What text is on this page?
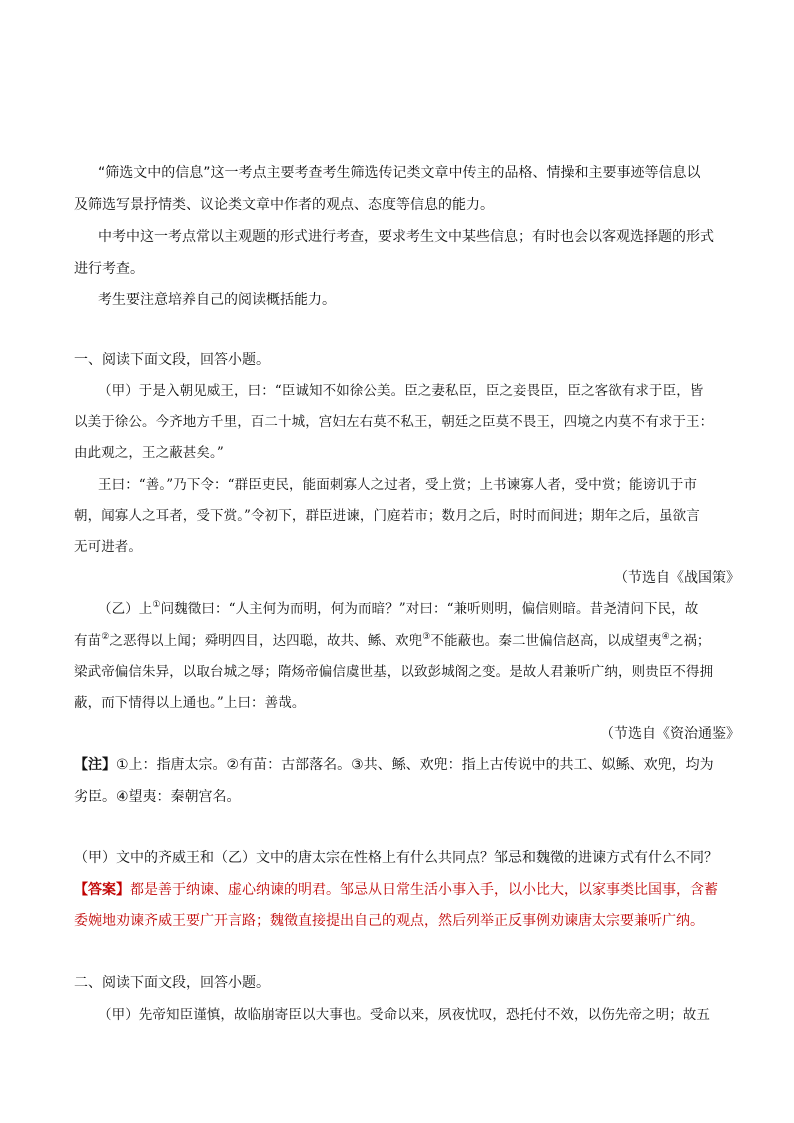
“筛选文中的信息”这一考点主要考查考生筛选传记类文章中传主的品格、情操和主要事迹等信息以
及筛选写景抒情类、议论类文章中作者的观点、态度等信息的能力。
中考中这一考点常以主观题的形式进行考查，要求考生文中某些信息；有时也会以客观选择题的形式
进行考查。
考生要注意培养自己的阅读概括能力。
一、阅读下面文段，回答小题。
（甲）于是入朝见威王，曰：“臣诚知不如徐公美。臣之妻私臣，臣之妾畏臣，臣之客欲有求于臣，皆
以美于徐公。今齐地方千里，百二十城，宫妇左右莫不私王，朝廷之臣莫不畏王，四境之内莫不有求于王：
由此观之，王之蔽甚矣。”
王曰：“善。”乃下令：“群臣吏民，能面刺寡人之过者，受上赏；上书谏寡人者，受中赏；能谤讥于市
朝，闻寡人之耳者，受下赏。”令初下，群臣进谏，门庭若市；数月之后，时时而间进；期年之后，虽欲言
无可进者。
（节选自《战国策》
（乙）上①问魏徵曰：“人主何为而明，何为而暗？”对曰：“兼听则明，偏信则暗。昔尧清问下民，故
有苗②之恶得以上闻；舜明四目，达四聪，故共、鲧、欢兜③不能蔽也。秦二世偏信赵高，以成望夷④之祸；
梁武帝偏信朱异，以取台城之辱；隋炀帝偏信虞世基，以致彭城阁之变。是故人君兼听广纳，则贵臣不得拥
蔽，而下情得以上通也。”上曰：善哉。
（节选自《资治通鉴》
【注】①上：指唐太宗。②有苗：古部落名。③共、鲧、欢兜：指上古传说中的共工、姒鲧、欢兜，均为
劣臣。④望夷：秦朝宫名。
（甲）文中的齐威王和（乙）文中的唐太宗在性格上有什么共同点？邹忌和魏徵的进谏方式有什么不同？
【答案】都是善于纳谏、虚心纳谏的明君。邹忌从日常生活小事入手，以小比大，以家事类比国事，含蓄
委婉地劝谏齐威王要广开言路；魏徵直接提出自己的观点，然后列举正反事例劝谏唐太宗要兼听广纳。
二、阅读下面文段，回答小题。
（甲）先帝知臣谨慎，故临崩寄臣以大事也。受命以来，夙夜忧叹，恐托付不效，以伤先帝之明；故五
